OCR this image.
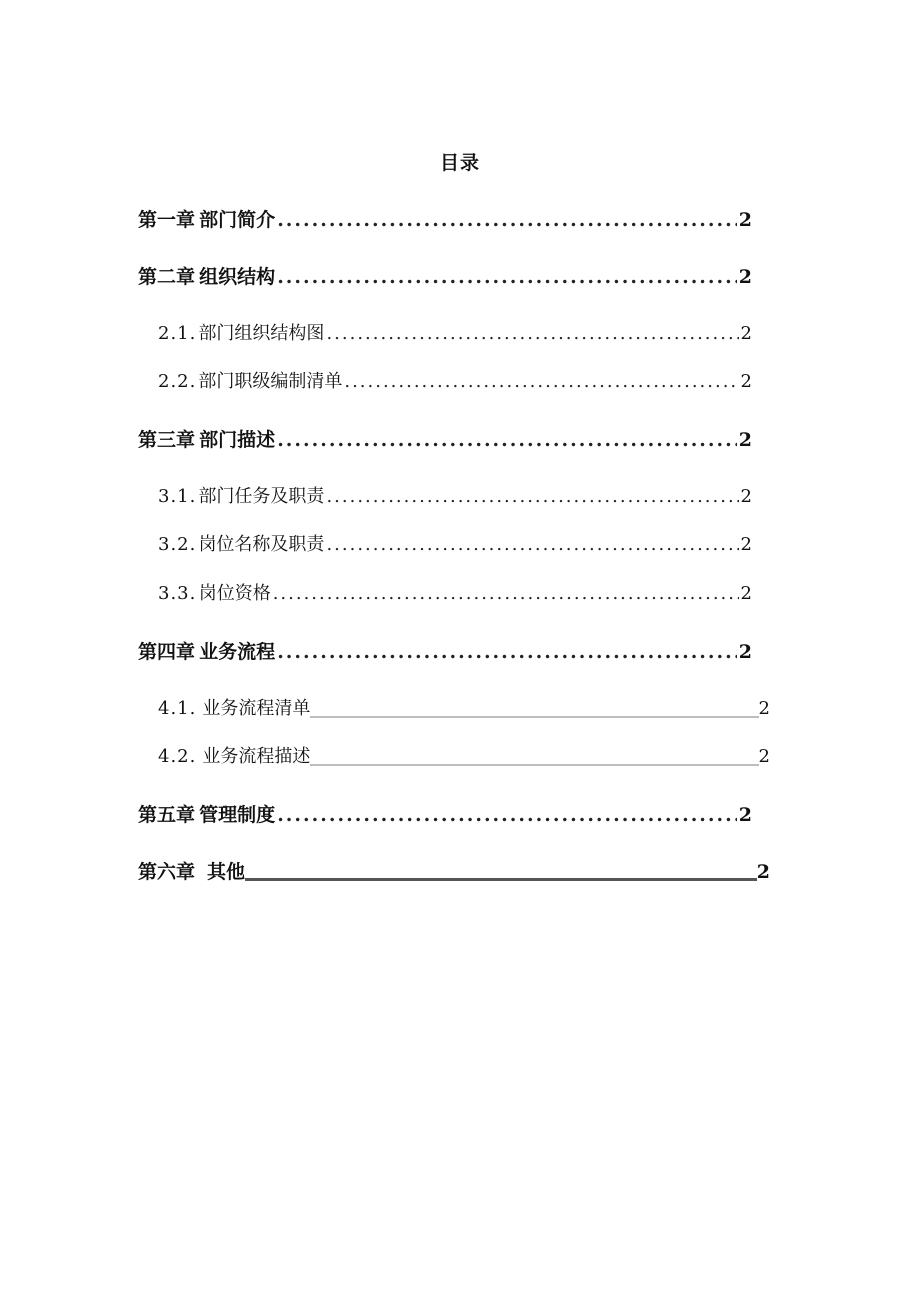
目录
第一章 部门简介 .....	2
第二章 组织结构 .....	2
2.1. 部门组织结构图 .....	2
2.2. 部门职级编制清单 .....	2
第三章 部门描述 .....	2
3.1. 部门任务及职责 .....	2
3.2. 岗位名称及职责 .....	2
3.3. 岗位资格 .....	2
第四章 业务流程 .....	2
4.1. 业务流程清单	2
4.2. 业务流程描述	2
第五章 管理制度 .....	2
第六章 其他	2
